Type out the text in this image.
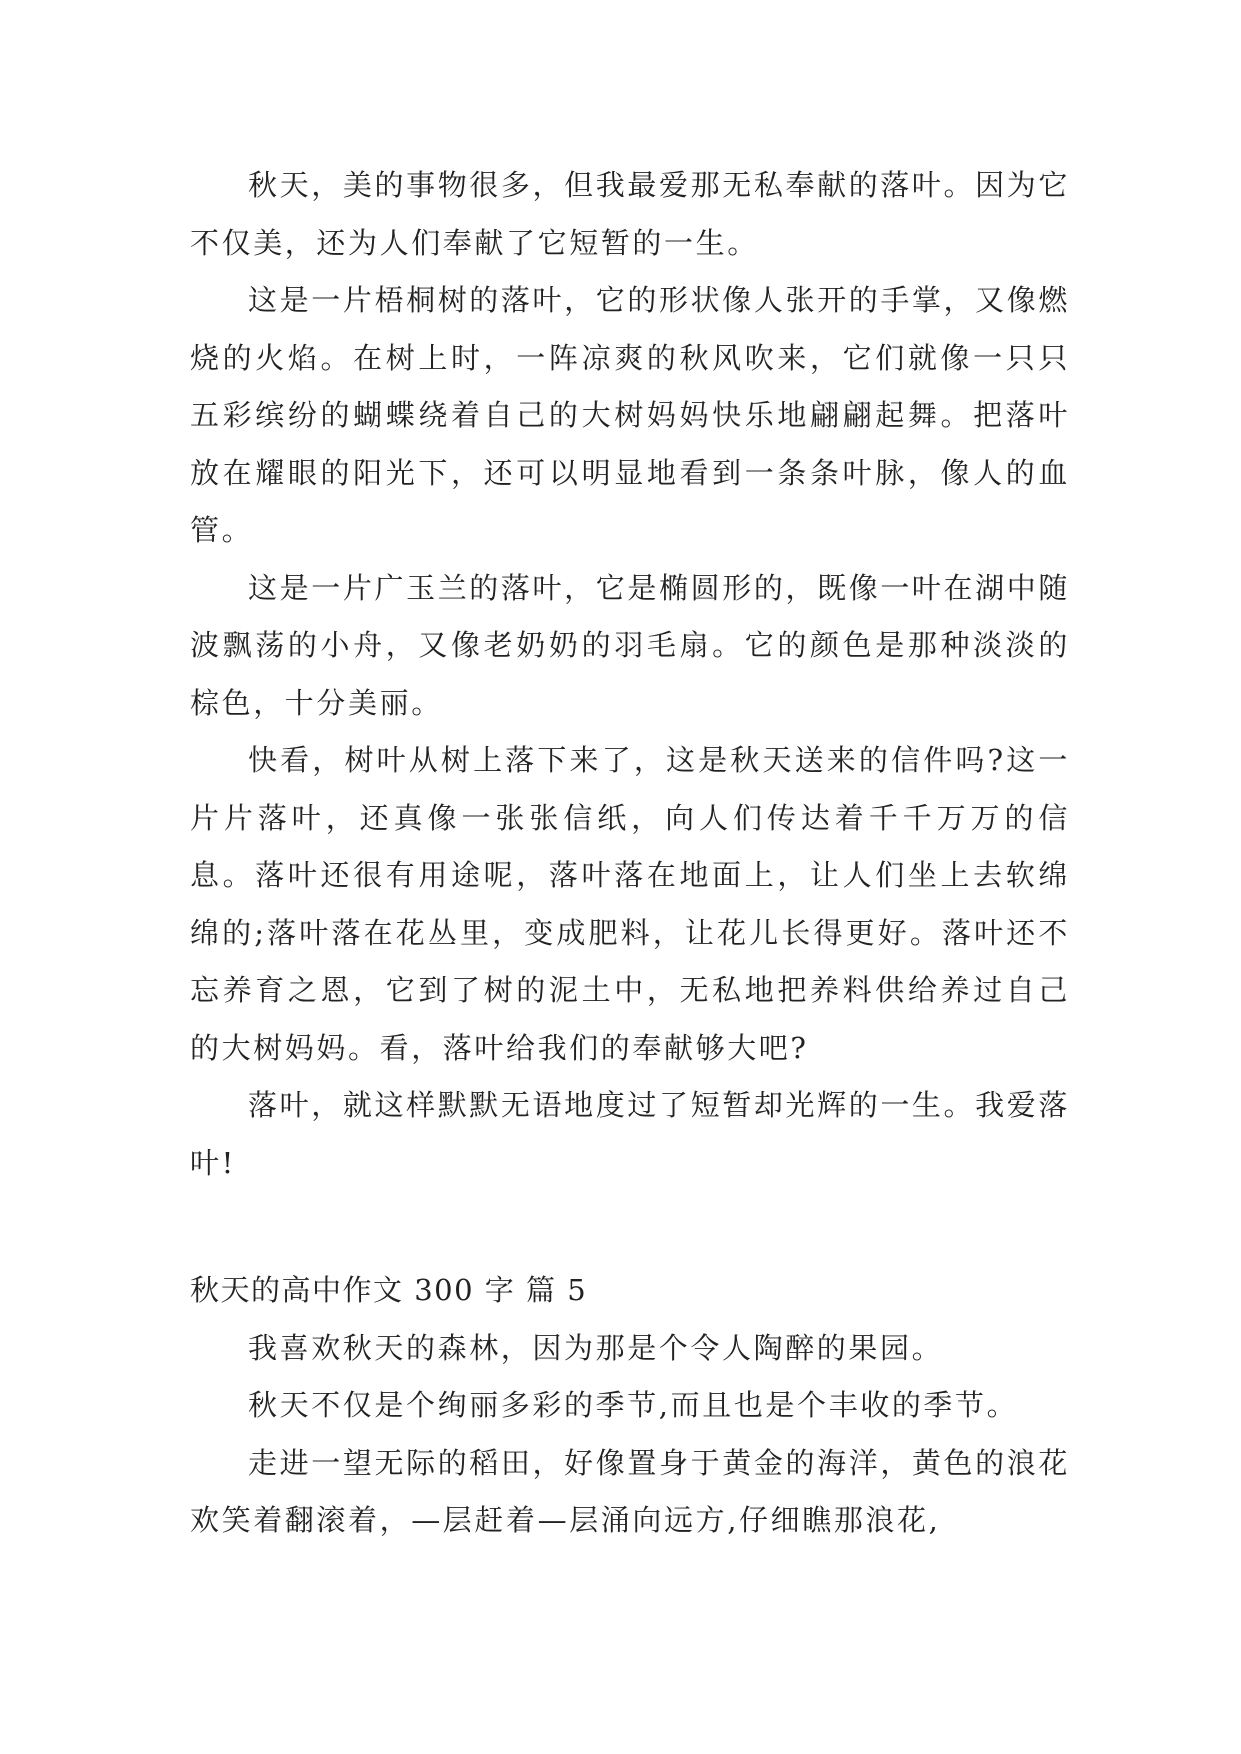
秋天，美的事物很多，但我最爱那无私奉献的落叶。因为它不仅美，还为人们奉献了它短暂的一生。

这是一片梧桐树的落叶，它的形状像人张开的手掌，又像燃烧的火焰。在树上时，一阵凉爽的秋风吹来，它们就像一只只五彩缤纷的蝴蝶绕着自己的大树妈妈快乐地翩翩起舞。把落叶放在耀眼的阳光下，还可以明显地看到一条条叶脉，像人的血管。

这是一片广玉兰的落叶，它是椭圆形的，既像一叶在湖中随波飘荡的小舟，又像老奶奶的羽毛扇。它的颜色是那种淡淡的棕色，十分美丽。

快看，树叶从树上落下来了，这是秋天送来的信件吗?这一片片落叶，还真像一张张信纸，向人们传达着千千万万的信息。落叶还很有用途呢，落叶落在地面上，让人们坐上去软绵绵的;落叶落在花丛里，变成肥料，让花儿长得更好。落叶还不忘养育之恩，它到了树的泥土中，无私地把养料供给养过自己的大树妈妈。看，落叶给我们的奉献够大吧?

落叶，就这样默默无语地度过了短暂却光辉的一生。我爱落叶!

秋天的高中作文 300 字 篇 5

我喜欢秋天的森林，因为那是个令人陶醉的果园。

秋天不仅是个绚丽多彩的季节,而且也是个丰收的季节。

走进一望无际的稻田，好像置身于黄金的海洋，黄色的浪花欢笑着翻滚着，—层赶着—层涌向远方,仔细瞧那浪花,
